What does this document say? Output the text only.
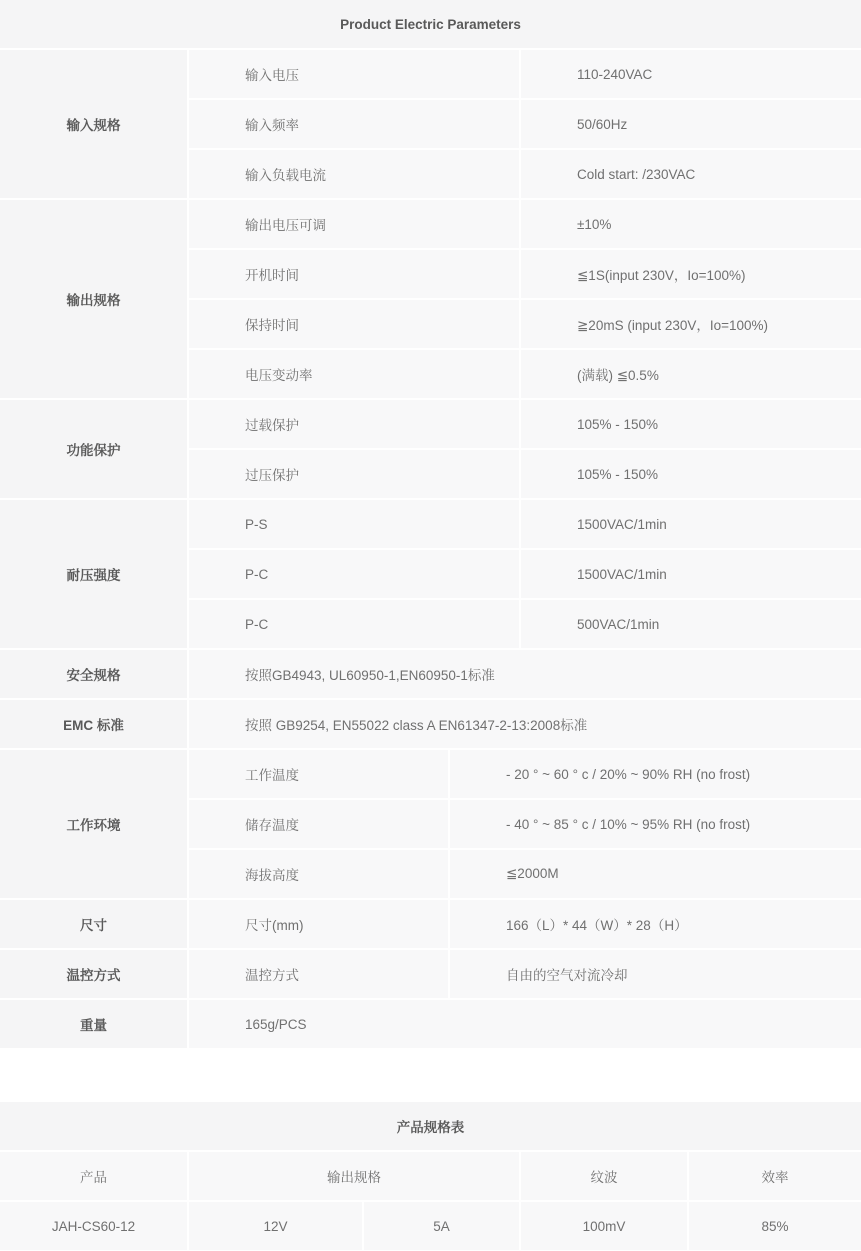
Product Electric Parameters
输入规格
输入电压	110-240VAC
输入频率	50/60Hz
输入负载电流	Cold start: /230VAC
输出规格
输出电压可调	±10%
开机时间	≦1S(input 230V，Io=100%)
保持时间	≧20mS (input 230V，Io=100%)
电压变动率	(满载) ≦0.5%
功能保护
过载保护	105% - 150%
过压保护	105% - 150%
耐压强度
P-S	1500VAC/1min
P-C	1500VAC/1min
P-C	500VAC/1min
安全规格	按照GB4943, UL60950-1,EN60950-1标准
EMC 标准	按照 GB9254, EN55022 class A EN61347-2-13:2008标准
工作环境
工作温度	- 20 ° ~ 60 ° c / 20% ~ 90% RH (no frost)
储存温度	- 40 ° ~ 85 ° c / 10% ~ 95% RH (no frost)
海拔高度	≦2000M
尺寸	尺寸(mm)	166（L）* 44（W）* 28（H）
温控方式	温控方式	自由的空气对流冷却
重量	165g/PCS
产品规格表
产品	输出规格	纹波	效率
JAH-CS60-12	12V	5A	100mV	85%
